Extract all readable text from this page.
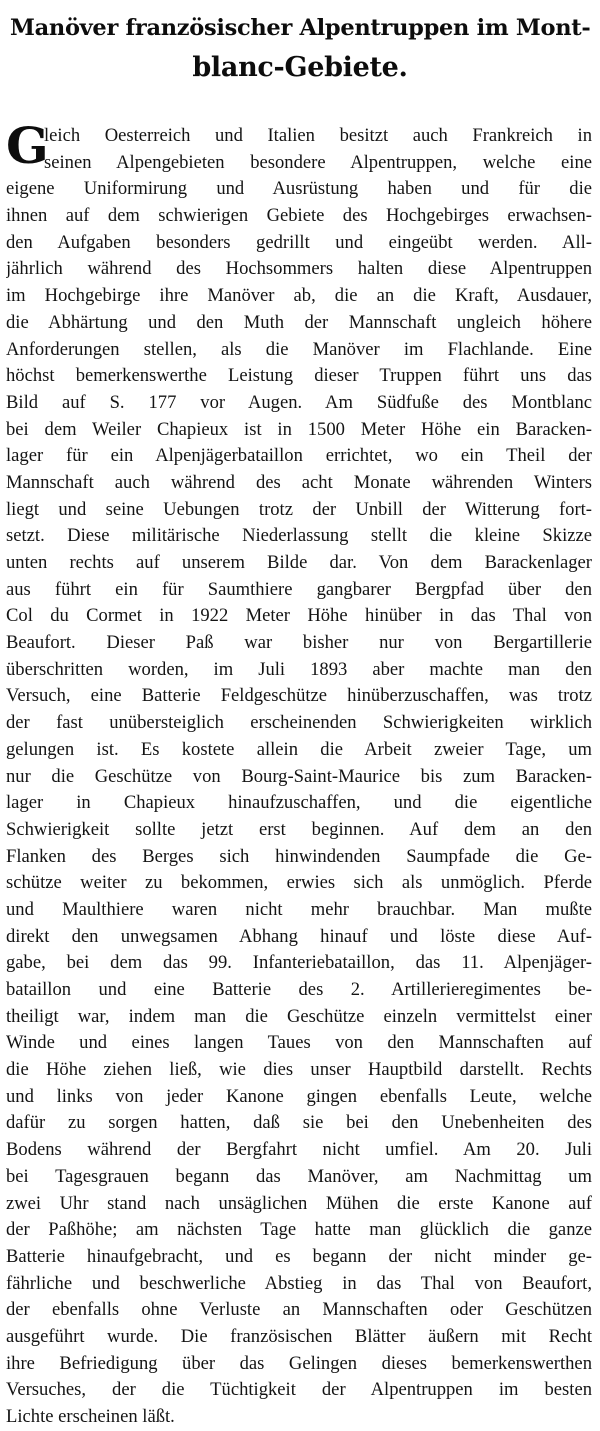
Manöver französischer Alpentruppen im Mont-
blanc-Gebiete.
G
leich Oesterreich und Italien besitzt auch Frankreich in
seinen Alpengebieten besondere Alpentruppen, welche eine
eigene Uniformirung und Ausrüstung haben und für die
ihnen auf dem schwierigen Gebiete des Hochgebirges erwachsen-
den Aufgaben besonders gedrillt und eingeübt werden. All-
jährlich während des Hochsommers halten diese Alpentruppen
im Hochgebirge ihre Manöver ab, die an die Kraft, Ausdauer,
die Abhärtung und den Muth der Mannschaft ungleich höhere
Anforderungen stellen, als die Manöver im Flachlande. Eine
höchst bemerkenswerthe Leistung dieser Truppen führt uns das
Bild auf S. 177 vor Augen. Am Südfuße des Montblanc
bei dem Weiler Chapieux ist in 1500 Meter Höhe ein Baracken-
lager für ein Alpenjägerbataillon errichtet, wo ein Theil der
Mannschaft auch während des acht Monate währenden Winters
liegt und seine Uebungen trotz der Unbill der Witterung fort-
setzt. Diese militärische Niederlassung stellt die kleine Skizze
unten rechts auf unserem Bilde dar. Von dem Barackenlager
aus führt ein für Saumthiere gangbarer Bergpfad über den
Col du Cormet in 1922 Meter Höhe hinüber in das Thal von
Beaufort. Dieser Paß war bisher nur von Bergartillerie
überschritten worden, im Juli 1893 aber machte man den
Versuch, eine Batterie Feldgeschütze hinüberzuschaffen, was trotz
der fast unübersteiglich erscheinenden Schwierigkeiten wirklich
gelungen ist. Es kostete allein die Arbeit zweier Tage, um
nur die Geschütze von Bourg-Saint-Maurice bis zum Baracken-
lager in Chapieux hinaufzuschaffen, und die eigentliche
Schwierigkeit sollte jetzt erst beginnen. Auf dem an den
Flanken des Berges sich hinwindenden Saumpfade die Ge-
schütze weiter zu bekommen, erwies sich als unmöglich. Pferde
und Maulthiere waren nicht mehr brauchbar. Man mußte
direkt den unwegsamen Abhang hinauf und löste diese Auf-
gabe, bei dem das 99. Infanteriebataillon, das 11. Alpenjäger-
bataillon und eine Batterie des 2. Artillerieregimentes be-
theiligt war, indem man die Geschütze einzeln vermittelst einer
Winde und eines langen Taues von den Mannschaften auf
die Höhe ziehen ließ, wie dies unser Hauptbild darstellt. Rechts
und links von jeder Kanone gingen ebenfalls Leute, welche
dafür zu sorgen hatten, daß sie bei den Unebenheiten des
Bodens während der Bergfahrt nicht umfiel. Am 20. Juli
bei Tagesgrauen begann das Manöver, am Nachmittag um
zwei Uhr stand nach unsäglichen Mühen die erste Kanone auf
der Paßhöhe; am nächsten Tage hatte man glücklich die ganze
Batterie hinaufgebracht, und es begann der nicht minder ge-
fährliche und beschwerliche Abstieg in das Thal von Beaufort,
der ebenfalls ohne Verluste an Mannschaften oder Geschützen
ausgeführt wurde. Die französischen Blätter äußern mit Recht
ihre Befriedigung über das Gelingen dieses bemerkenswerthen
Versuches, der die Tüchtigkeit der Alpentruppen im besten
Lichte erscheinen läßt.
